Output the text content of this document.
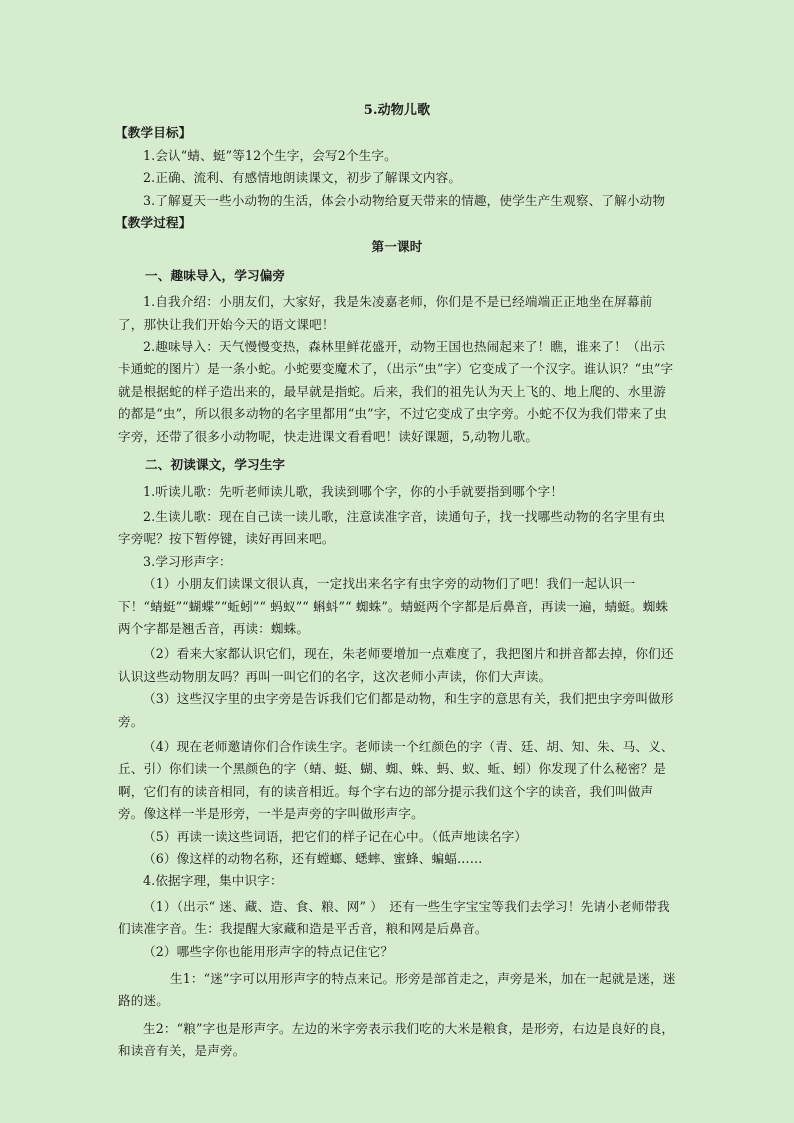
5.动物儿歌

【教学目标】

1.会认“蜻、蜓”等12个生字，会写2个生字。

2.正确、流利、有感情地朗读课文，初步了解课文内容。

3.了解夏天一些小动物的生活，体会小动物给夏天带来的情趣，使学生产生观察、了解小动物

【教学过程】

第一课时

一、趣味导入，学习偏旁

1.自我介绍：小朋友们，大家好，我是朱凌嘉老师，你们是不是已经端端正正地坐在屏幕前了，那快让我们开始今天的语文课吧！

2.趣味导入：天气慢慢变热，森林里鲜花盛开，动物王国也热闹起来了！瞧，谁来了！（出示卡通蛇的图片）是一条小蛇。小蛇要变魔术了，（出示“虫”字）它变成了一个汉字。谁认识？“虫”字就是根据蛇的样子造出来的，最早就是指蛇。后来，我们的祖先认为天上飞的、地上爬的、水里游的都是“虫”，所以很多动物的名字里都用“虫”字，不过它变成了虫字旁。小蛇不仅为我们带来了虫字旁，还带了很多小动物呢，快走进课文看看吧！读好课题，5,动物儿歌。

二、初读课文，学习生字

1.听读儿歌：先听老师读儿歌，我读到哪个字，你的小手就要指到哪个字！

2.生读儿歌：现在自己读一读儿歌，注意读准字音，读通句子，找一找哪些动物的名字里有虫字旁呢？按下暂停键，读好再回来吧。

3.学习形声字：

（1）小朋友们读课文很认真，一定找出来名字有虫字旁的动物们了吧！我们一起认识一下！“蜻蜓”“蝴蝶”“蚯蚓”“ 蚂蚁”“ 蝌蚪”“ 蜘蛛”。蜻蜓两个字都是后鼻音，再读一遍，蜻蜓。蜘蛛两个字都是翘舌音，再读：蜘蛛。

（2）看来大家都认识它们，现在，朱老师要增加一点难度了，我把图片和拼音都去掉，你们还认识这些动物朋友吗？再叫一叫它们的名字，这次老师小声读，你们大声读。

（3）这些汉字里的虫字旁是告诉我们它们都是动物，和生字的意思有关，我们把虫字旁叫做形旁。

（4）现在老师邀请你们合作读生字。老师读一个红颜色的字（青、廷、胡、知、朱、马、义、丘、引）你们读一个黑颜色的字（蜻、蜓、蝴、蜘、蛛、蚂、蚁、蚯、蚓）你发现了什么秘密？是啊，它们有的读音相同，有的读音相近。每个字右边的部分提示我们这个字的读音，我们叫做声旁。像这样一半是形旁，一半是声旁的字叫做形声字。

（5）再读一读这些词语，把它们的样子记在心中。（低声地读名字）

（6）像这样的动物名称，还有螳螂、蟋蟀、蜜蜂、蝙蝠……

4.依据字理，集中识字：

（1）（出示“ 迷、藏、造、食、粮、网” ）　还有一些生字宝宝等我们去学习！先请小老师带我们读准字音。生：我提醒大家藏和造是平舌音，粮和网是后鼻音。

（2）哪些字你也能用形声字的特点记住它？

生1：“迷”字可以用形声字的特点来记。形旁是部首走之，声旁是米，加在一起就是迷，迷路的迷。

生2：“粮”字也是形声字。左边的米字旁表示我们吃的大米是粮食，是形旁，右边是良好的良，和读音有关，是声旁。
